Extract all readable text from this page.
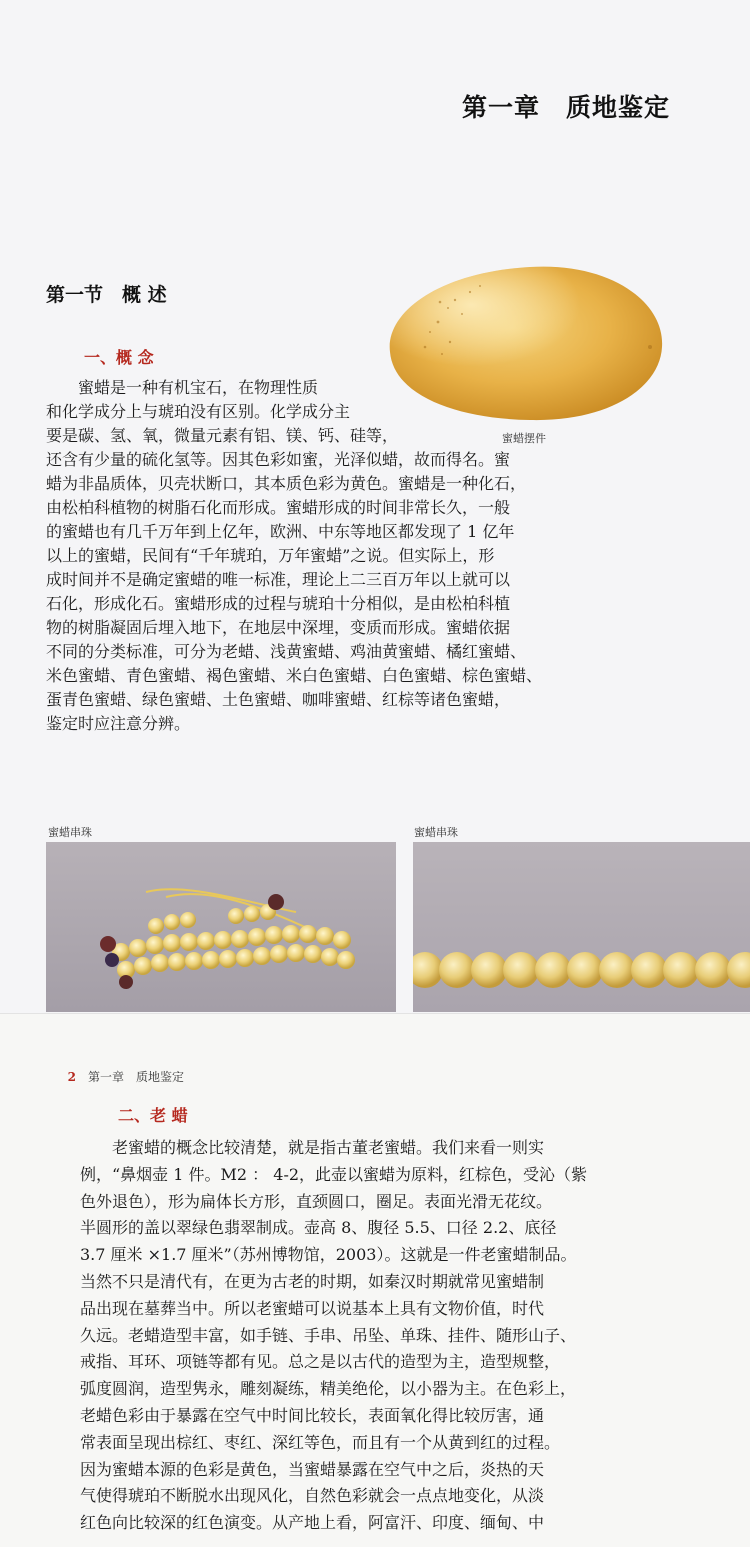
第一章　质地鉴定
第一节　概 述
蜜蜡摆件
一、概 念
　　蜜蜡是一种有机宝石，在物理性质
和化学成分上与琥珀没有区别。化学成分主
要是碳、氢、氧，微量元素有铝、镁、钙、硅等，
还含有少量的硫化氢等。因其色彩如蜜，光泽似蜡，故而得名。蜜
蜡为非晶质体，贝壳状断口，其本质色彩为黄色。蜜蜡是一种化石，
由松柏科植物的树脂石化而形成。蜜蜡形成的时间非常长久，一般
的蜜蜡也有几千万年到上亿年，欧洲、中东等地区都发现了 1 亿年
以上的蜜蜡，民间有“千年琥珀，万年蜜蜡”之说。但实际上，形
成时间并不是确定蜜蜡的唯一标准，理论上二三百万年以上就可以
石化，形成化石。蜜蜡形成的过程与琥珀十分相似，是由松柏科植
物的树脂凝固后埋入地下，在地层中深埋，变质而形成。蜜蜡依据
不同的分类标准，可分为老蜡、浅黄蜜蜡、鸡油黄蜜蜡、橘红蜜蜡、
米色蜜蜡、青色蜜蜡、褐色蜜蜡、米白色蜜蜡、白色蜜蜡、棕色蜜蜡、
蛋青色蜜蜡、绿色蜜蜡、土色蜜蜡、咖啡蜜蜡、红棕等诸色蜜蜡，
鉴定时应注意分辨。
蜜蜡串珠	蜜蜡串珠

2　 第一章　质地鉴定

二、老 蜡
　　老蜜蜡的概念比较清楚，就是指古董老蜜蜡。我们来看一则实
例，“鼻烟壶 1 件。M2 ： 4-2，此壶以蜜蜡为原料，红棕色，受沁（紫
色外退色），形为扁体长方形，直颈圆口，圈足。表面光滑无花纹。
半圆形的盖以翠绿色翡翠制成。壶高 8、腹径 5.5、口径 2.2、底径
3.7 厘米 ×1.7 厘米”（苏州博物馆，2003）。这就是一件老蜜蜡制品。
当然不只是清代有，在更为古老的时期，如秦汉时期就常见蜜蜡制
品出现在墓葬当中。所以老蜜蜡可以说基本上具有文物价值，时代
久远。老蜡造型丰富，如手链、手串、吊坠、单珠、挂件、随形山子、
戒指、耳环、项链等都有见。总之是以古代的造型为主，造型规整，
弧度圆润，造型隽永，雕刻凝练，精美绝伦，以小器为主。在色彩上，
老蜡色彩由于暴露在空气中时间比较长，表面氧化得比较厉害，通
常表面呈现出棕红、枣红、深红等色，而且有一个从黄到红的过程。
因为蜜蜡本源的色彩是黄色，当蜜蜡暴露在空气中之后，炎热的天
气使得琥珀不断脱水出现风化，自然色彩就会一点点地变化，从淡
红色向比较深的红色演变。从产地上看，阿富汗、印度、缅甸、中
